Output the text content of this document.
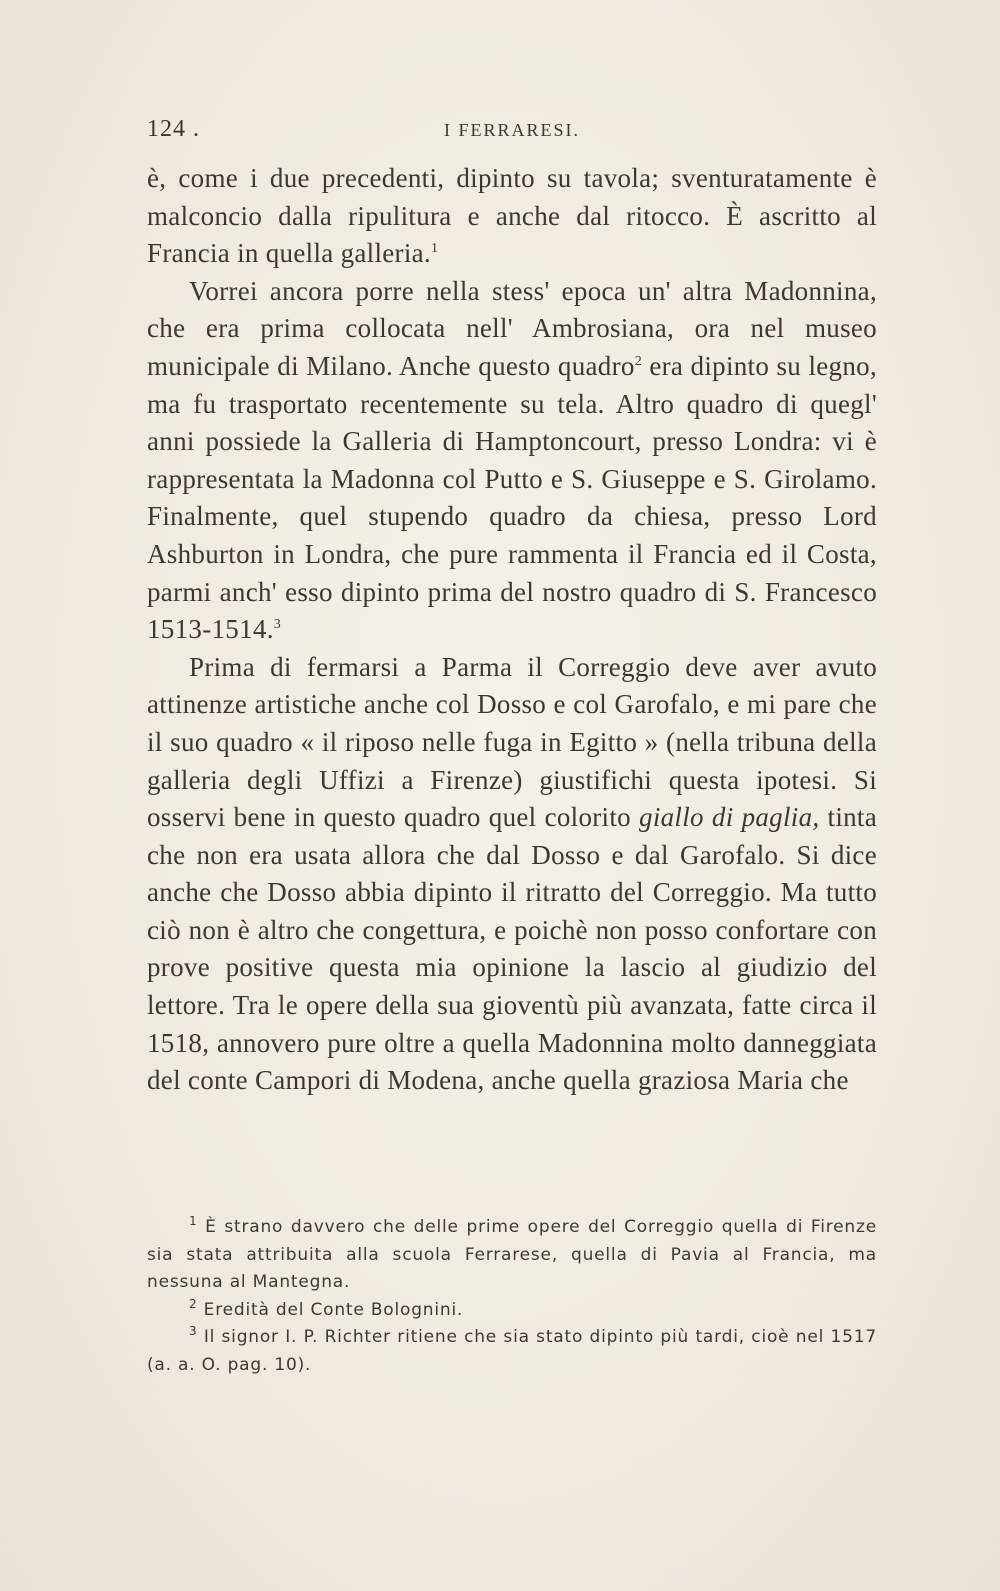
124 .	I FERRARESI.

è, come i due precedenti, dipinto su tavola; sventuratamente è malconcio dalla ripulitura e anche dal ritocco. È ascritto al Francia in quella galleria.$^1$

Vorrei ancora porre nella stess' epoca un' altra Madonnina, che era prima collocata nell' Ambrosiana, ora nel museo municipale di Milano. Anche questo quadro$^2$ era dipinto su legno, ma fu trasportato recentemente su tela. Altro quadro di quegl' anni possiede la Galleria di Hamptoncourt, presso Londra: vi è rappresentata la Madonna col Putto e S. Giuseppe e S. Girolamo. Finalmente, quel stupendo quadro da chiesa, presso Lord Ashburton in Londra, che pure rammenta il Francia ed il Costa, parmi anch' esso dipinto prima del nostro quadro di S. Francesco 1513-1514.$^3$

Prima di fermarsi a Parma il Correggio deve aver avuto attinenze artistiche anche col Dosso e col Garofalo, e mi pare che il suo quadro « il riposo nelle fuga in Egitto » (nella tribuna della galleria degli Uffizi a Firenze) giustifichi questa ipotesi. Si osservi bene in questo quadro quel colorito giallo di paglia, tinta che non era usata allora che dal Dosso e dal Garofalo. Si dice anche che Dosso abbia dipinto il ritratto del Correggio. Ma tutto ciò non è altro che congettura, e poichè non posso confortare con prove positive questa mia opinione la lascio al giudizio del lettore. Tra le opere della sua gioventù più avanzata, fatte circa il 1518, annovero pure oltre a quella Madonnina molto danneggiata del conte Campori di Modena, anche quella graziosa Maria che

$^1$ È strano davvero che delle prime opere del Correggio quella di Firenze sia stata attribuita alla scuola Ferrarese, quella di Pavia al Francia, ma nessuna al Mantegna.

$^2$ Eredità del Conte Bolognini.

$^3$ Il signor I. P. Richter ritiene che sia stato dipinto più tardi, cioè nel 1517 (a. a. O. pag. 10).
